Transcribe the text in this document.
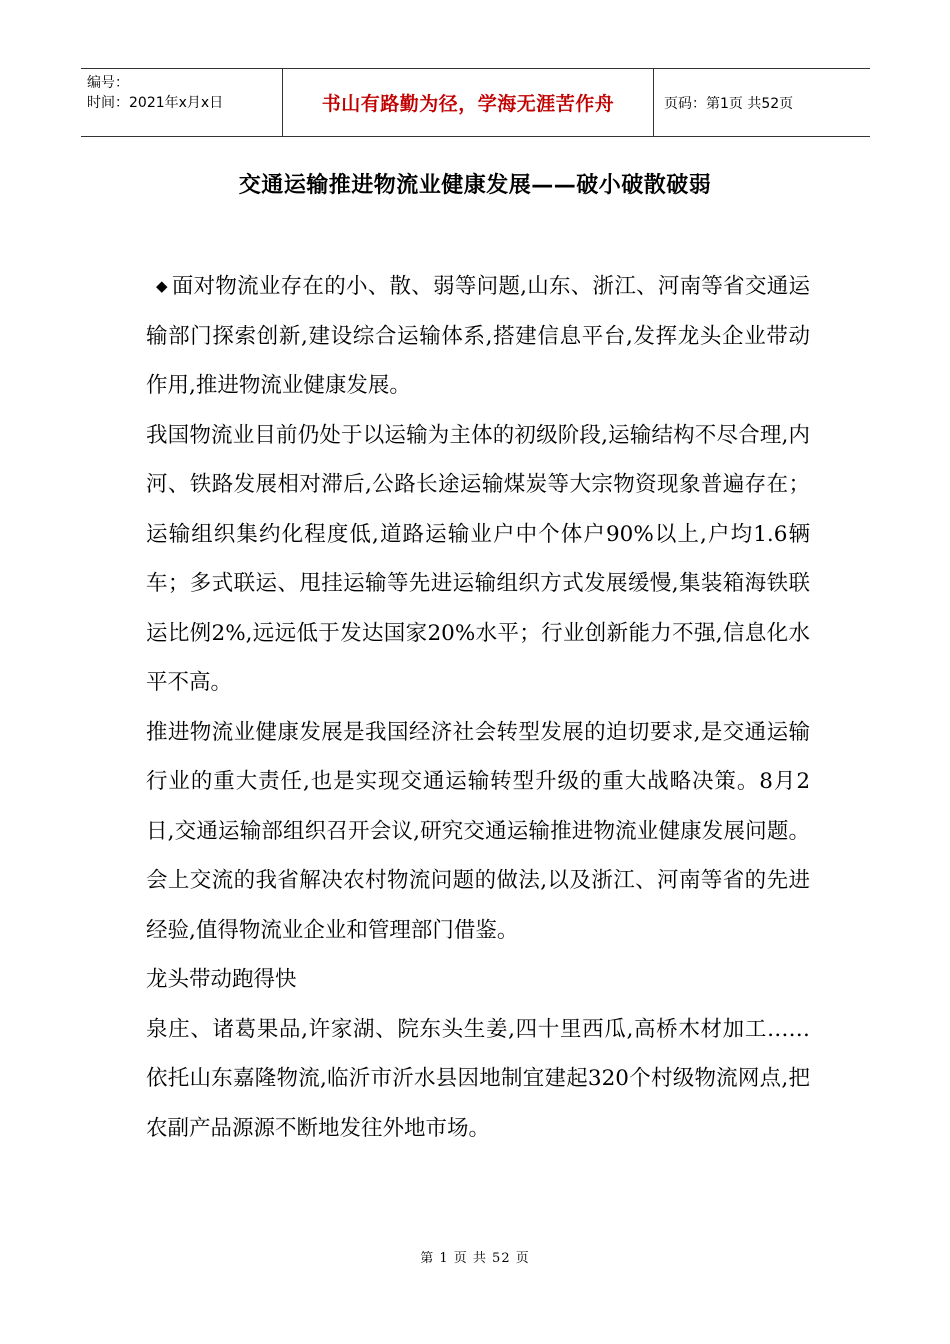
编号：
时间：2021年x月x日	书山有路勤为径，学海无涯苦作舟	页码：第1页 共52页
交通运输推进物流业健康发展——破小破散破弱

◆ 面对物流业存在的小、散、弱等问题,山东、浙江、河南等省交通运输部门探索创新,建设综合运输体系,搭建信息平台,发挥龙头企业带动作用,推进物流业健康发展。

我国物流业目前仍处于以运输为主体的初级阶段,运输结构不尽合理,内河、铁路发展相对滞后,公路长途运输煤炭等大宗物资现象普遍存在；运输组织集约化程度低,道路运输业户中个体户90%以上,户均1.6辆车；多式联运、甩挂运输等先进运输组织方式发展缓慢,集装箱海铁联运比例2%,远远低于发达国家20%水平；行业创新能力不强,信息化水平不高。

推进物流业健康发展是我国经济社会转型发展的迫切要求,是交通运输行业的重大责任,也是实现交通运输转型升级的重大战略决策。8月2日,交通运输部组织召开会议,研究交通运输推进物流业健康发展问题。会上交流的我省解决农村物流问题的做法,以及浙江、河南等省的先进经验,值得物流业企业和管理部门借鉴。

龙头带动跑得快

泉庄、诸葛果品,许家湖、院东头生姜,四十里西瓜,高桥木材加工……依托山东嘉隆物流,临沂市沂水县因地制宜建起320个村级物流网点,把农副产品源源不断地发往外地市场。

第 1 页 共 52 页
